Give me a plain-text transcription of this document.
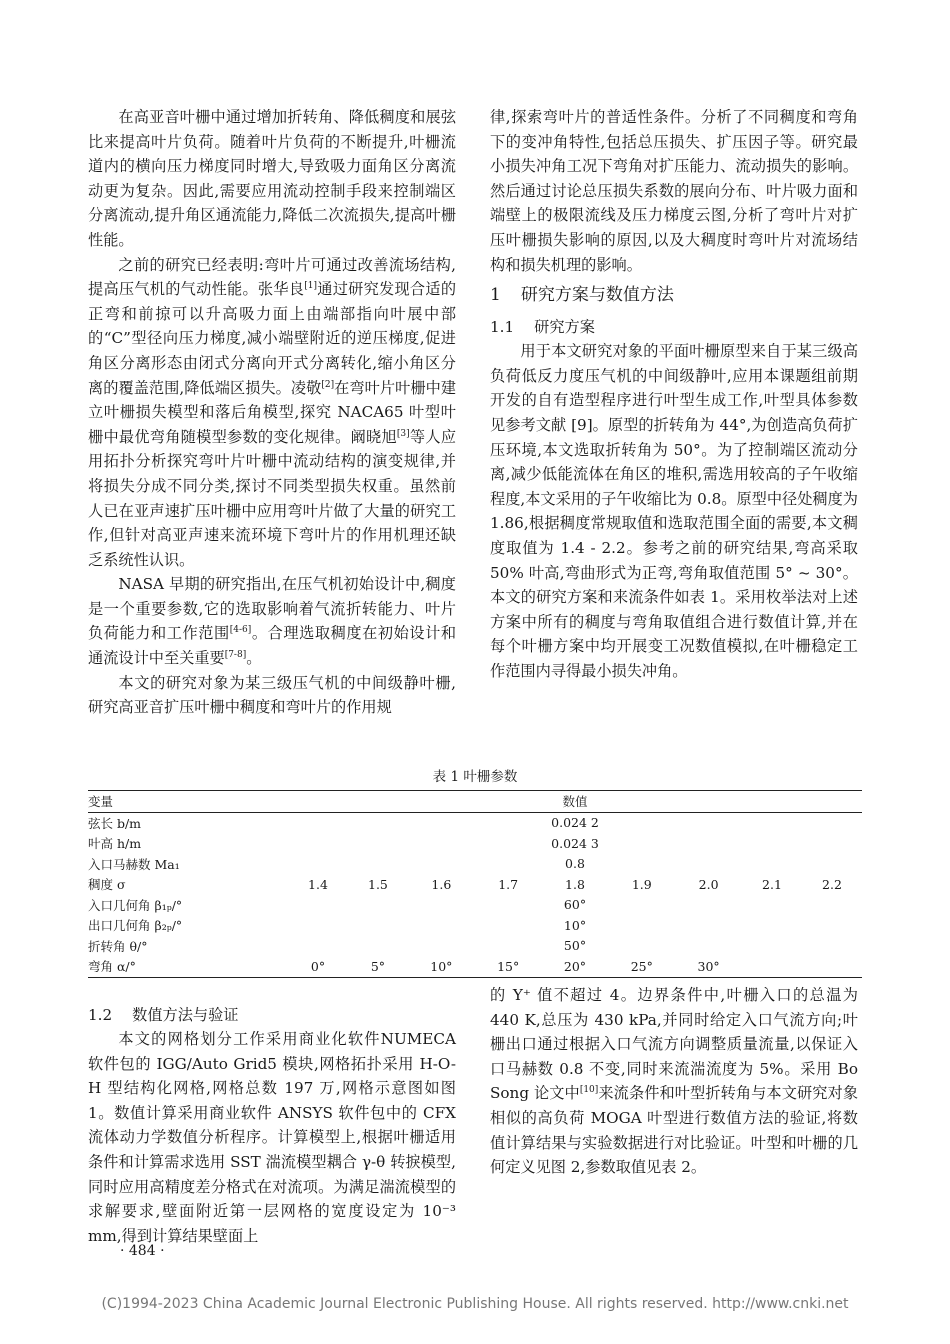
在高亚音叶栅中通过增加折转角、降低稠度和展弦比来提高叶片负荷。随着叶片负荷的不断提升,叶栅流道内的横向压力梯度同时增大,导致吸力面角区分离流动更为复杂。因此,需要应用流动控制手段来控制端区分离流动,提升角区通流能力,降低二次流损失,提高叶栅性能。

之前的研究已经表明:弯叶片可通过改善流场结构,提高压气机的气动性能。张华良[1]通过研究发现合适的正弯和前掠可以升高吸力面上由端部指向叶展中部的“C”型径向压力梯度,减小端壁附近的逆压梯度,促进角区分离形态由闭式分离向开式分离转化,缩小角区分离的覆盖范围,降低端区损失。凌敬[2]在弯叶片叶栅中建立叶栅损失模型和落后角模型,探究 NACA65 叶型叶栅中最优弯角随模型参数的变化规律。阚晓旭[3]等人应用拓扑分析探究弯叶片叶栅中流动结构的演变规律,并将损失分成不同分类,探讨不同类型损失权重。虽然前人已在亚声速扩压叶栅中应用弯叶片做了大量的研究工作,但针对高亚声速来流环境下弯叶片的作用机理还缺乏系统性认识。

NASA 早期的研究指出,在压气机初始设计中,稠度是一个重要参数,它的选取影响着气流折转能力、叶片负荷能力和工作范围[4-6]。合理选取稠度在初始设计和通流设计中至关重要[7-8]。

本文的研究对象为某三级压气机的中间级静叶栅,研究高亚音扩压叶栅中稠度和弯叶片的作用规

律,探索弯叶片的普适性条件。分析了不同稠度和弯角下的变冲角特性,包括总压损失、扩压因子等。研究最小损失冲角工况下弯角对扩压能力、流动损失的影响。然后通过讨论总压损失系数的展向分布、叶片吸力面和端壁上的极限流线及压力梯度云图,分析了弯叶片对扩压叶栅损失影响的原因,以及大稠度时弯叶片对流场结构和损失机理的影响。

1 研究方案与数值方法
1.1 研究方案

用于本文研究对象的平面叶栅原型来自于某三级高负荷低反力度压气机的中间级静叶,应用本课题组前期开发的自有造型程序进行叶型生成工作,叶型具体参数见参考文献 [9]。原型的折转角为 44°,为创造高负荷扩压环境,本文选取折转角为 50°。为了控制端区流动分离,减少低能流体在角区的堆积,需选用较高的子午收缩程度,本文采用的子午收缩比为 0.8。原型中径处稠度为 1.86,根据稠度常规取值和选取范围全面的需要,本文稠度取值为 1.4 - 2.2。参考之前的研究结果,弯高采取 50% 叶高,弯曲形式为正弯,弯角取值范围 5° ~ 30°。本文的研究方案和来流条件如表 1。采用枚举法对上述方案中所有的稠度与弯角取值组合进行数值计算,并在每个叶栅方案中均开展变工况数值模拟,在叶栅稳定工作范围内寻得最小损失冲角。

表 1 叶栅参数
变量	数值								
弦长 b/m	0.024 2								
叶高 h/m	0.024 3								
入口马赫数 Ma₁	0.8								
稠度 σ	1.4	1.5	1.6	1.7	1.8	1.9	2.0	2.1	2.2
入口几何角 β₁ₚ/°	60°								
出口几何角 β₂ₚ/°	10°								
折转角 θ/°	50°								
弯角 α/°	0°	5°	10°	15°	20°	25°	30°		
1.2 数值方法与验证

本文的网格划分工作采用商业化软件NUMECA 软件包的 IGG/Auto Grid5 模块,网格拓扑采用 H-O-H 型结构化网格,网格总数 197 万,网格示意图如图 1。数值计算采用商业软件 ANSYS 软件包中的 CFX 流体动力学数值分析程序。计算模型上,根据叶栅适用条件和计算需求选用 SST 湍流模型耦合 γ-θ 转捩模型,同时应用高精度差分格式在对流项。为满足湍流模型的求解要求,壁面附近第一层网格的宽度设定为 10⁻³ mm,得到计算结果壁面上

的 Y⁺ 值不超过 4。边界条件中,叶栅入口的总温为 440 K,总压为 430 kPa,并同时给定入口气流方向;叶栅出口通过根据入口气流方向调整质量流量,以保证入口马赫数 0.8 不变,同时来流湍流度为 5%。采用 Bo Song 论文中[10]来流条件和叶型折转角与本文研究对象相似的高负荷 MOGA 叶型进行数值方法的验证,将数值计算结果与实验数据进行对比验证。叶型和叶栅的几何定义见图 2,参数取值见表 2。

· 484 ·
(C)1994-2023 China Academic Journal Electronic Publishing House. All rights reserved. http://www.cnki.net
